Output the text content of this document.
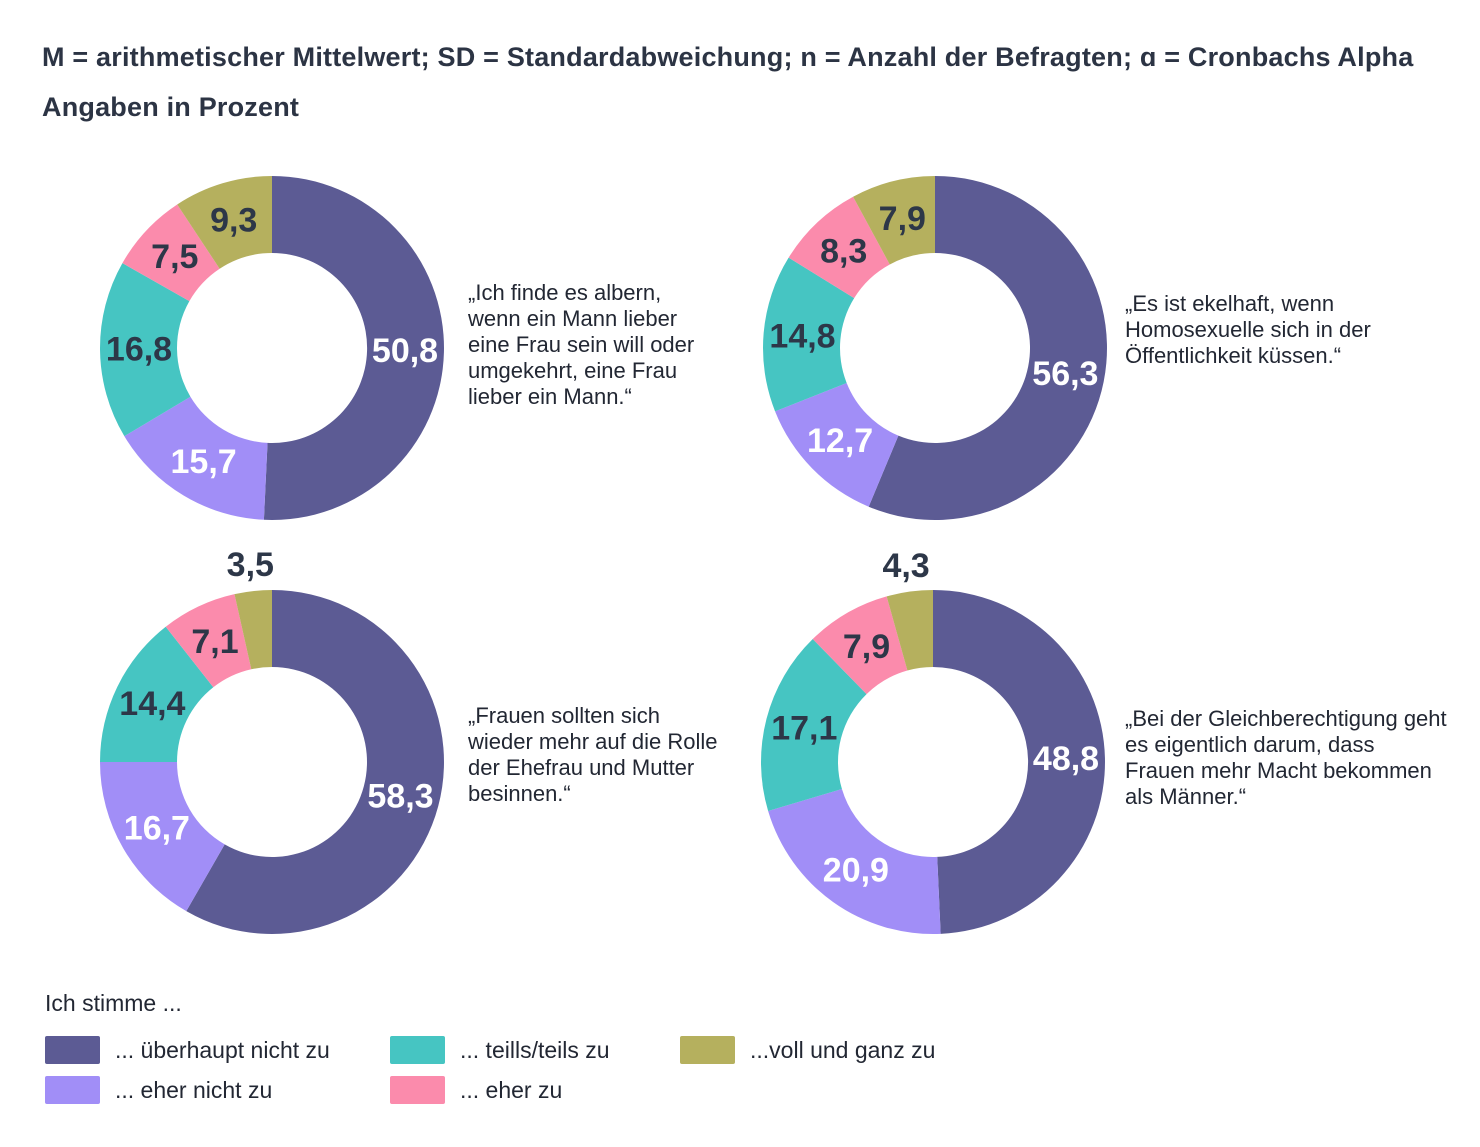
M = arithmetischer Mittelwert; SD = Standardabweichung; n = Anzahl der Befragten; ɑ = Cronbachs Alpha
Angaben in Prozent
50,8
15,7
16,8
7,5
9,3
„Ich finde es albern, wenn ein Mann lieber eine Frau sein will oder umgekehrt, eine Frau lieber ein Mann.“
56,3
12,7
14,8
8,3
7,9
„Es ist ekelhaft, wenn Homosexuelle sich in der Öffentlichkeit küssen.“
58,3
16,7
14,4
7,1
3,5
„Frauen sollten sich wieder mehr auf die Rolle der Ehefrau und Mutter besinnen.“
48,8
20,9
17,1
7,9
4,3
„Bei der Gleichberechtigung geht es eigentlich darum, dass Frauen mehr Macht bekommen als Männer.“
Ich stimme ...
... überhaupt nicht zu
... eher nicht zu
... teills/teils zu
... eher zu
...voll und ganz zu
